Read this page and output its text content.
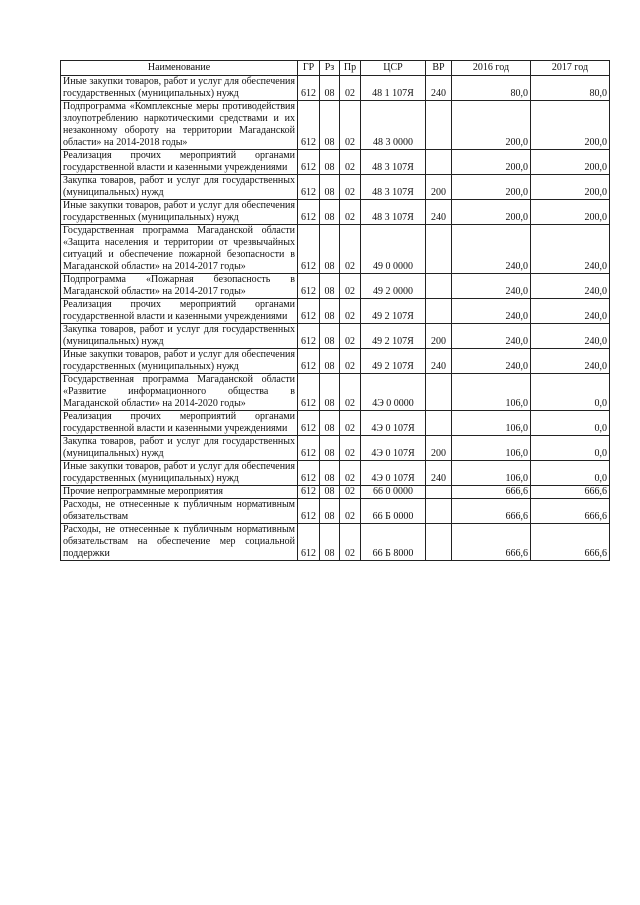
Наименование	ГР	Рз	Пр	ЦСР	ВР	2016 год	2017 год
Иные закупки товаров, работ и услуг для обеспечения государственных (муниципальных) нужд	612	08	02	48 1 107Я	240	80,0	80,0
Подпрограмма «Комплексные меры противодействия злоупотреблению наркотическими средствами и их незаконному обороту на территории Магаданской области» на 2014-2018 годы»	612	08	02	48 3 0000		200,0	200,0
Реализация прочих мероприятий органами государственной власти и казенными учреждениями	612	08	02	48 3 107Я		200,0	200,0
Закупка товаров, работ и услуг для государственных (муниципальных) нужд	612	08	02	48 3 107Я	200	200,0	200,0
Иные закупки товаров, работ и услуг для обеспечения государственных (муниципальных) нужд	612	08	02	48 3 107Я	240	200,0	200,0
Государственная программа Магаданской области «Защита населения и территории от чрезвычайных ситуаций и обеспечение пожарной безопасности в Магаданской области» на 2014-2017 годы»	612	08	02	49 0 0000		240,0	240,0
Подпрограмма «Пожарная безопасность в Магаданской области» на 2014-2017 годы»	612	08	02	49 2 0000		240,0	240,0
Реализация прочих мероприятий органами государственной власти и казенными учреждениями	612	08	02	49 2 107Я		240,0	240,0
Закупка товаров, работ и услуг для государственных (муниципальных) нужд	612	08	02	49 2 107Я	200	240,0	240,0
Иные закупки товаров, работ и услуг для обеспечения государственных (муниципальных) нужд	612	08	02	49 2 107Я	240	240,0	240,0
Государственная программа Магаданской области «Развитие информационного общества в Магаданской области» на 2014-2020 годы»	612	08	02	4Э 0 0000		106,0	0,0
Реализация прочих мероприятий органами государственной власти и казенными учреждениями	612	08	02	4Э 0 107Я		106,0	0,0
Закупка товаров, работ и услуг для государственных (муниципальных) нужд	612	08	02	4Э 0 107Я	200	106,0	0,0
Иные закупки товаров, работ и услуг для обеспечения государственных (муниципальных) нужд	612	08	02	4Э 0 107Я	240	106,0	0,0
Прочие непрограммные мероприятия	612	08	02	66 0 0000		666,6	666,6
Расходы, не отнесенные к публичным нормативным обязательствам	612	08	02	66 Б 0000		666,6	666,6
Расходы, не отнесенные к публичным нормативным обязательствам на обеспечение мер социальной поддержки	612	08	02	66 Б 8000		666,6	666,6
